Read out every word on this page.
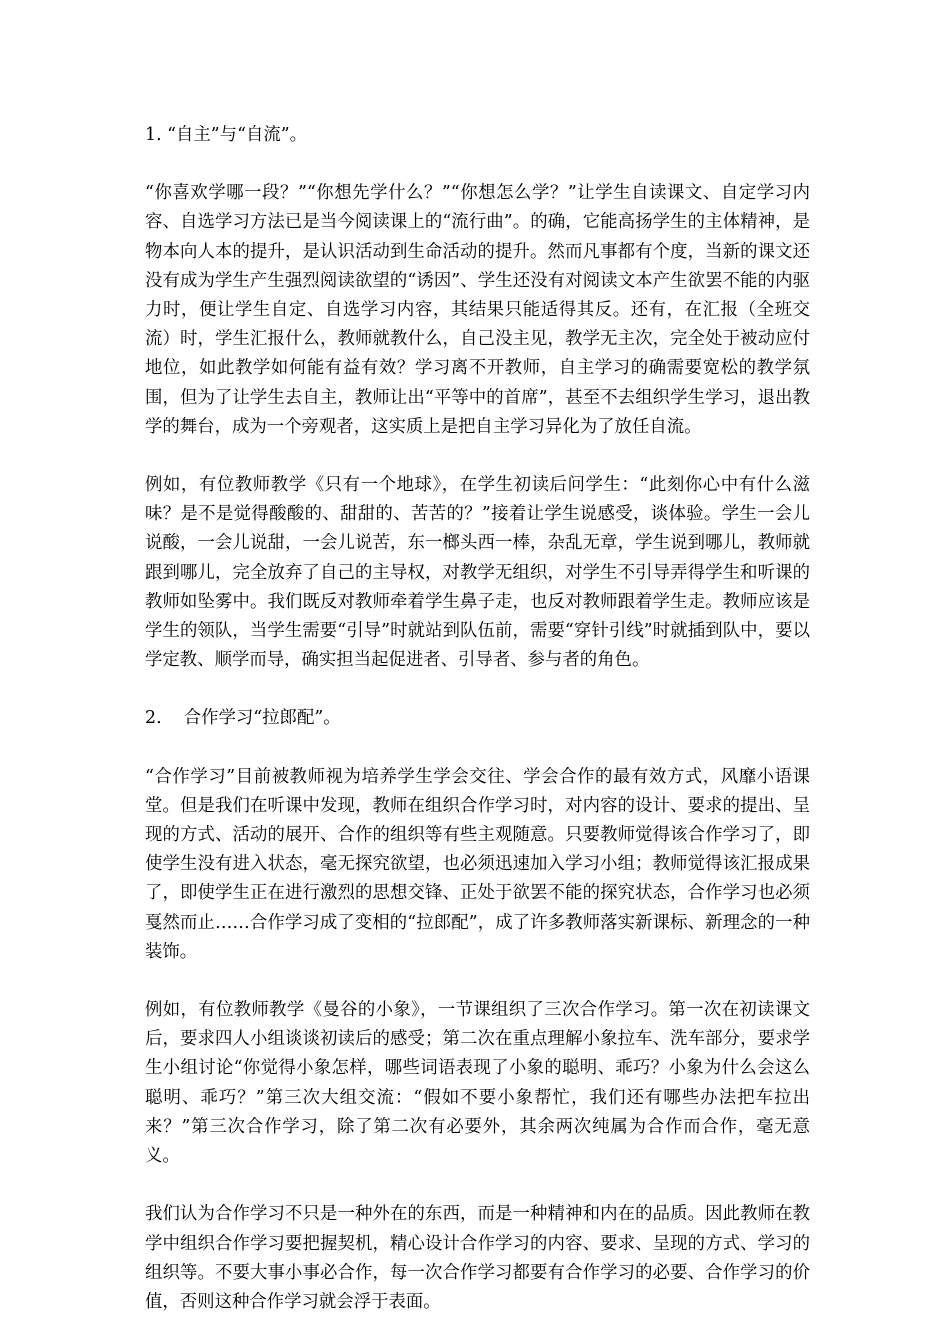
1. “自主”与“自流”。

“你喜欢学哪一段？”“你想先学什么？”“你想怎么学？”让学生自读课文、自定学习内容、自选学习方法已是当今阅读课上的“流行曲”。的确，它能高扬学生的主体精神，是物本向人本的提升，是认识活动到生命活动的提升。然而凡事都有个度，当新的课文还没有成为学生产生强烈阅读欲望的“诱因”、学生还没有对阅读文本产生欲罢不能的内驱力时，便让学生自定、自选学习内容，其结果只能适得其反。还有，在汇报（全班交流）时，学生汇报什么，教师就教什么，自己没主见，教学无主次，完全处于被动应付地位，如此教学如何能有益有效？学习离不开教师，自主学习的确需要宽松的教学氛围，但为了让学生去自主，教师让出“平等中的首席”，甚至不去组织学生学习，退出教学的舞台，成为一个旁观者，这实质上是把自主学习异化为了放任自流。

例如，有位教师教学《只有一个地球》，在学生初读后问学生：“此刻你心中有什么滋味？是不是觉得酸酸的、甜甜的、苦苦的？”接着让学生说感受，谈体验。学生一会儿说酸，一会儿说甜，一会儿说苦，东一榔头西一棒，杂乱无章，学生说到哪儿，教师就跟到哪儿，完全放弃了自己的主导权，对教学无组织，对学生不引导弄得学生和听课的教师如坠雾中。我们既反对教师牵着学生鼻子走，也反对教师跟着学生走。教师应该是学生的领队，当学生需要“引导”时就站到队伍前，需要“穿针引线”时就插到队中，要以学定教、顺学而导，确实担当起促进者、引导者、参与者的角色。

2.    合作学习“拉郎配”。

“合作学习”目前被教师视为培养学生学会交往、学会合作的最有效方式，风靡小语课堂。但是我们在听课中发现，教师在组织合作学习时，对内容的设计、要求的提出、呈现的方式、活动的展开、合作的组织等有些主观随意。只要教师觉得该合作学习了，即使学生没有进入状态，毫无探究欲望，也必须迅速加入学习小组；教师觉得该汇报成果了，即使学生正在进行激烈的思想交锋、正处于欲罢不能的探究状态，合作学习也必须戛然而止……合作学习成了变相的“拉郎配”，成了许多教师落实新课标、新理念的一种装饰。

例如，有位教师教学《曼谷的小象》，一节课组织了三次合作学习。第一次在初读课文后，要求四人小组谈谈初读后的感受；第二次在重点理解小象拉车、洗车部分，要求学生小组讨论“你觉得小象怎样，哪些词语表现了小象的聪明、乖巧？小象为什么会这么聪明、乖巧？”第三次大组交流：“假如不要小象帮忙，我们还有哪些办法把车拉出来？”第三次合作学习，除了第二次有必要外，其余两次纯属为合作而合作，毫无意义。

我们认为合作学习不只是一种外在的东西，而是一种精神和内在的品质。因此教师在教学中组织合作学习要把握契机，精心设计合作学习的内容、要求、呈现的方式、学习的组织等。不要大事小事必合作，每一次合作学习都要有合作学习的必要、合作学习的价值，否则这种合作学习就会浮于表面。
